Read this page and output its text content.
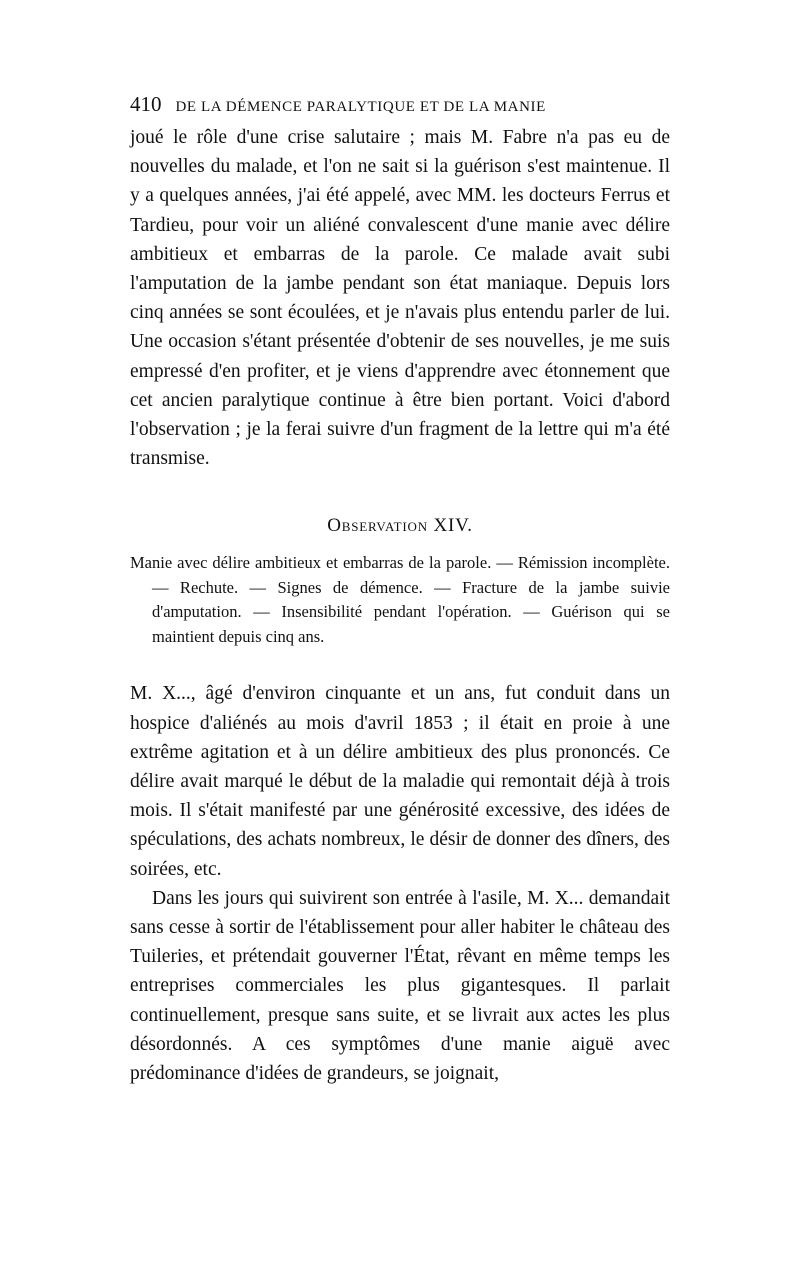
410 DE LA DÉMENCE PARALYTIQUE ET DE LA MANIE

joué le rôle d'une crise salutaire ; mais M. Fabre n'a pas eu de nouvelles du malade, et l'on ne sait si la guérison s'est maintenue. Il y a quelques années, j'ai été appelé, avec MM. les docteurs Ferrus et Tardieu, pour voir un aliéné convalescent d'une manie avec délire ambitieux et embarras de la parole. Ce malade avait subi l'amputation de la jambe pendant son état maniaque. Depuis lors cinq années se sont écoulées, et je n'avais plus entendu parler de lui. Une occasion s'étant présentée d'obtenir de ses nouvelles, je me suis empressé d'en profiter, et je viens d'apprendre avec étonnement que cet ancien paralytique continue à être bien portant. Voici d'abord l'observation ; je la ferai suivre d'un fragment de la lettre qui m'a été transmise.

Observation XIV.

Manie avec délire ambitieux et embarras de la parole. — Rémission incomplète. — Rechute. — Signes de démence. — Fracture de la jambe suivie d'amputation. — Insensibilité pendant l'opération. — Guérison qui se maintient depuis cinq ans.

M. X..., âgé d'environ cinquante et un ans, fut conduit dans un hospice d'aliénés au mois d'avril 1853 ; il était en proie à une extrême agitation et à un délire ambitieux des plus prononcés. Ce délire avait marqué le début de la maladie qui remontait déjà à trois mois. Il s'était manifesté par une générosité excessive, des idées de spéculations, des achats nombreux, le désir de donner des dîners, des soirées, etc.

Dans les jours qui suivirent son entrée à l'asile, M. X... demandait sans cesse à sortir de l'établissement pour aller habiter le château des Tuileries, et prétendait gouverner l'État, rêvant en même temps les entreprises commerciales les plus gigantesques. Il parlait continuellement, presque sans suite, et se livrait aux actes les plus désordonnés. A ces symptômes d'une manie aiguë avec prédominance d'idées de grandeurs, se joignait,
